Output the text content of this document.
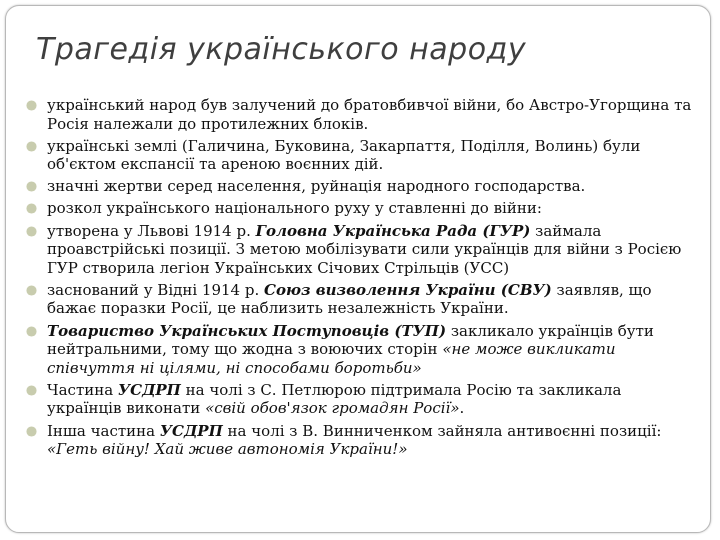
Трагедія українського народу
український народ був залучений до братовбивчої війни, бо Австро-Угорщина та Росія належали до протилежних блоків.
українські землі (Галичина, Буковина, Закарпаття, Поділля, Волинь) були об'єктом експансії та ареною воєнних дій.
значні жертви серед населення, руйнація народного господарства.
розкол українського національного руху у ставленні до війни:
утворена у Львові 1914 р. Головна Українська Рада (ГУР) займала проавстрійські позиції. З метою мобілізувати сили українців для війни з Росією ГУР створила легіон Українських Січових Стрільців (УСС)
заснований у Відні 1914 р. Союз визволення України (СВУ) заявляв, що бажає поразки Росії, це наблизить незалежність України.
Товариство Українських Поступовців (ТУП) закликало українців бути нейтральними, тому що жодна з воюючих сторін «не може викликати співчуття ні цілями, ні способами боротьби»
Частина УСДРП на чолі з С. Петлюрою підтримала Росію та закликала українців виконати «свій обов'язок громадян Росії».
Інша частина УСДРП на чолі з В. Винниченком зайняла антивоєнні позиції: «Геть війну! Хай живе автономія України!»
